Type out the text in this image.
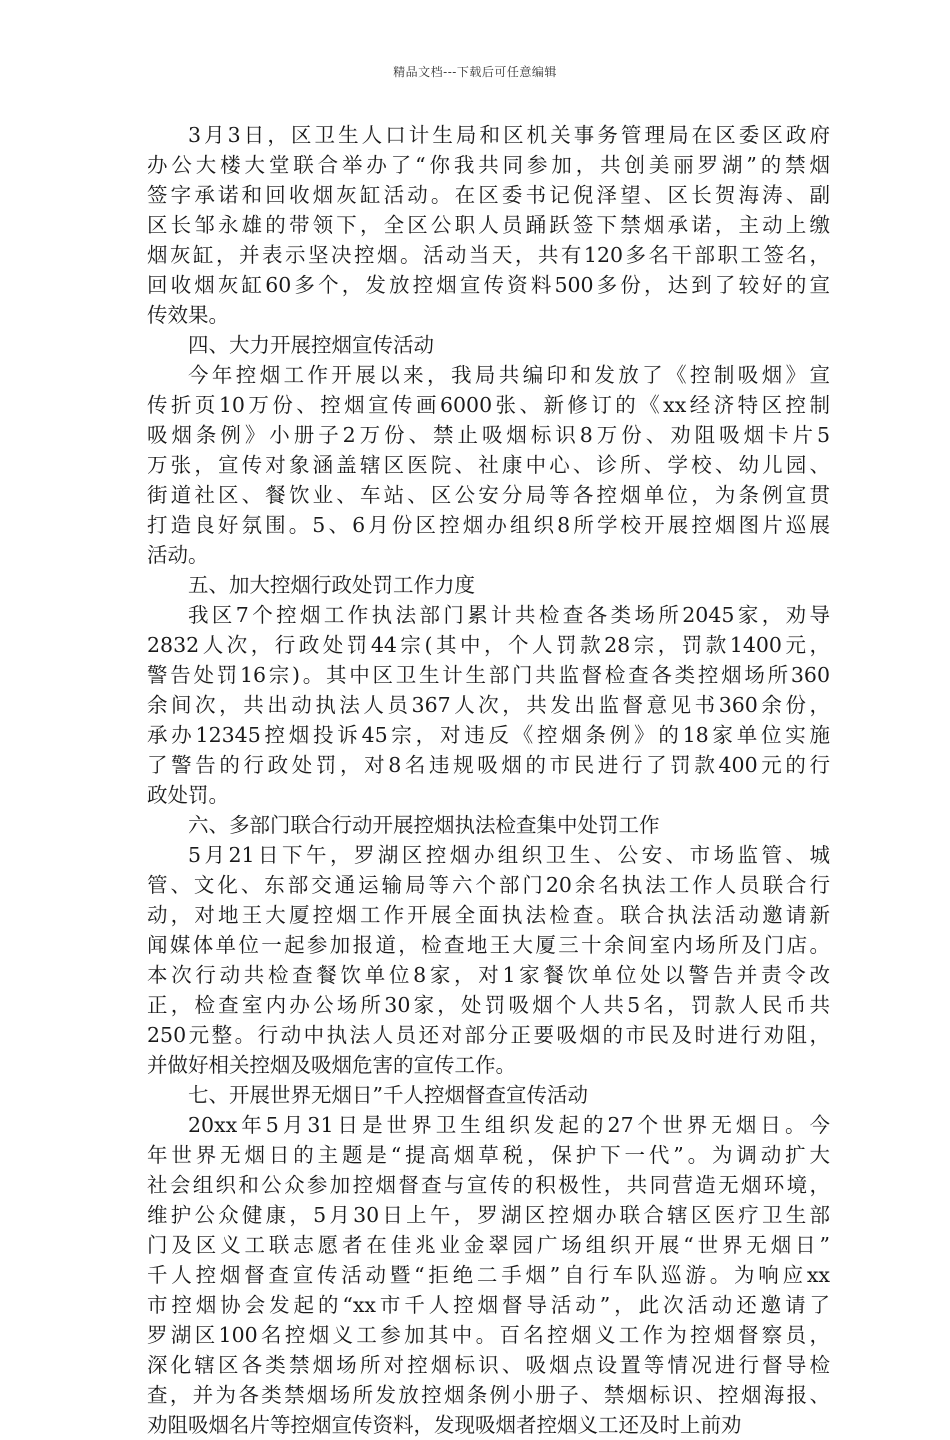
精品文档---下载后可任意编辑
3月3日，区卫生人口计生局和区机关事务管理局在区委区政府
办公大楼大堂联合举办了“你我共同参加，共创美丽罗湖”的禁烟
签字承诺和回收烟灰缸活动。在区委书记倪泽望、区长贺海涛、副
区长邹永雄的带领下，全区公职人员踊跃签下禁烟承诺，主动上缴
烟灰缸，并表示坚决控烟。活动当天，共有120多名干部职工签名，
回收烟灰缸60多个，发放控烟宣传资料500多份，达到了较好的宣
传效果。
四、大力开展控烟宣传活动
今年控烟工作开展以来，我局共编印和发放了《控制吸烟》宣
传折页10万份、控烟宣传画6000张、新修订的《xx经济特区控制
吸烟条例》小册子2万份、禁止吸烟标识8万份、劝阻吸烟卡片5
万张，宣传对象涵盖辖区医院、社康中心、诊所、学校、幼儿园、
街道社区、餐饮业、车站、区公安分局等各控烟单位，为条例宣贯
打造良好氛围。5、6月份区控烟办组织8所学校开展控烟图片巡展
活动。
五、加大控烟行政处罚工作力度
我区7个控烟工作执法部门累计共检查各类场所2045家，劝导
2832人次，行政处罚44宗(其中，个人罚款28宗，罚款1400元，
警告处罚16宗)。其中区卫生计生部门共监督检查各类控烟场所360
余间次，共出动执法人员367人次，共发出监督意见书360余份，
承办12345控烟投诉45宗，对违反《控烟条例》的18家单位实施
了警告的行政处罚，对8名违规吸烟的市民进行了罚款400元的行
政处罚。
六、多部门联合行动开展控烟执法检查集中处罚工作
5月21日下午，罗湖区控烟办组织卫生、公安、市场监管、城
管、文化、东部交通运输局等六个部门20余名执法工作人员联合行
动，对地王大厦控烟工作开展全面执法检查。联合执法活动邀请新
闻媒体单位一起参加报道，检查地王大厦三十余间室内场所及门店。
本次行动共检查餐饮单位8家，对1家餐饮单位处以警告并责令改
正，检查室内办公场所30家，处罚吸烟个人共5名，罚款人民币共
250元整。行动中执法人员还对部分正要吸烟的市民及时进行劝阻，
并做好相关控烟及吸烟危害的宣传工作。
七、开展世界无烟日”千人控烟督查宣传活动
20xx年5月31日是世界卫生组织发起的27个世界无烟日。今
年世界无烟日的主题是“提高烟草税，保护下一代”。为调动扩大
社会组织和公众参加控烟督查与宣传的积极性，共同营造无烟环境，
维护公众健康，5月30日上午，罗湖区控烟办联合辖区医疗卫生部
门及区义工联志愿者在佳兆业金翠园广场组织开展“世界无烟日”
千人控烟督查宣传活动暨“拒绝二手烟”自行车队巡游。为响应xx
市控烟协会发起的“xx市千人控烟督导活动”，此次活动还邀请了
罗湖区100名控烟义工参加其中。百名控烟义工作为控烟督察员，
深化辖区各类禁烟场所对控烟标识、吸烟点设置等情况进行督导检
查，并为各类禁烟场所发放控烟条例小册子、禁烟标识、控烟海报、
劝阻吸烟名片等控烟宣传资料，发现吸烟者控烟义工还及时上前劝
